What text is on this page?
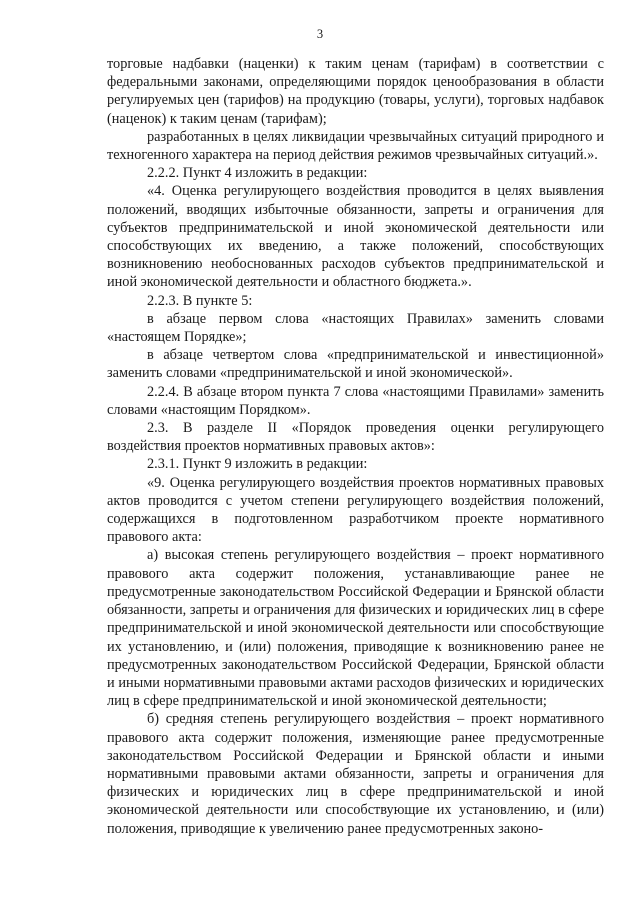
3

торговые надбавки (наценки) к таким ценам (тарифам) в соответствии с федеральными законами, определяющими порядок ценообразования в области регулируемых цен (тарифов) на продукцию (товары, услуги), торговых надбавок (наценок) к таким ценам (тарифам);

разработанных в целях ликвидации чрезвычайных ситуаций природного и техногенного характера на период действия режимов чрезвычайных ситуаций.».

2.2.2. Пункт 4 изложить в редакции:

«4. Оценка регулирующего воздействия проводится в целях выявления положений, вводящих избыточные обязанности, запреты и ограничения для субъектов предпринимательской и иной экономической деятельности или способствующих их введению, а также положений, способствующих возникновению необоснованных расходов субъектов предпринимательской и иной экономической деятельности и областного бюджета.».

2.2.3. В пункте 5:

в абзаце первом слова «настоящих Правилах» заменить словами «настоящем Порядке»;

в абзаце четвертом слова «предпринимательской и инвестиционной» заменить словами «предпринимательской и иной экономической».

2.2.4. В абзаце втором пункта 7 слова «настоящими Правилами» заменить словами «настоящим Порядком».

2.3. В разделе II «Порядок проведения оценки регулирующего воздействия проектов нормативных правовых актов»:

2.3.1. Пункт 9 изложить в редакции:

«9. Оценка регулирующего воздействия проектов нормативных правовых актов проводится с учетом степени регулирующего воздействия положений, содержащихся в подготовленном разработчиком проекте нормативного правового акта:

а) высокая степень регулирующего воздействия – проект нормативного правового акта содержит положения, устанавливающие ранее не предусмотренные законодательством Российской Федерации и Брянской области обязанности, запреты и ограничения для физических и юридических лиц в сфере предпринимательской и иной экономической деятельности или способствующие их установлению, и (или) положения, приводящие к возникновению ранее не предусмотренных законодательством Российской Федерации, Брянской области и иными нормативными правовыми актами расходов физических и юридических лиц в сфере предпринимательской и иной экономической деятельности;

б) средняя степень регулирующего воздействия – проект нормативного правового акта содержит положения, изменяющие ранее предусмотренные законодательством Российской Федерации и Брянской области и иными нормативными правовыми актами обязанности, запреты и ограничения для физических и юридических лиц в сфере предпринимательской и иной экономической деятельности или способствующие их установлению, и (или) положения, приводящие к увеличению ранее предусмотренных законо-
